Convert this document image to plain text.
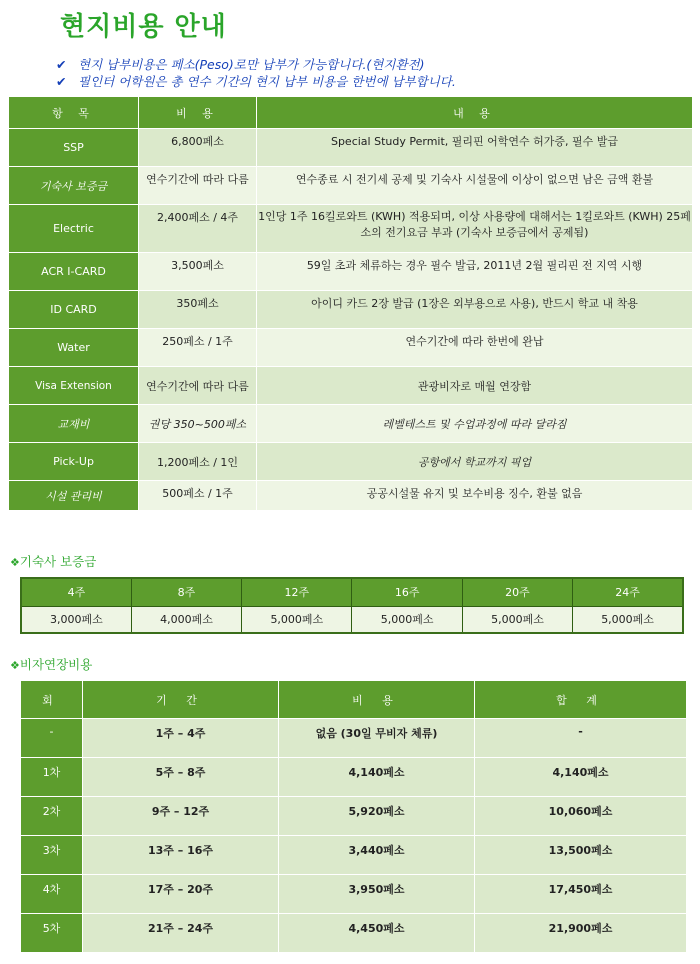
현지비용 안내
✔ 현지 납부비용은 페소(Peso)로만 납부가 가능합니다.(현지환전)
✔ 필인터 어학원은 총 연수 기간의 현지 납부 비용을 한번에 납부합니다.
항 목	비 용	내 용
SSP	6,800페소	Special Study Permit, 필리핀 어학연수 허가증, 필수 발급
기숙사 보증금	연수기간에 따라 다름	연수종료 시 전기세 공제 및 기숙사 시설물에 이상이 없으면 남은 금액 환불
Electric	2,400페소 / 4주	1인당 1주 16킬로와트 (KWH) 적용되며, 이상 사용량에 대해서는 1킬로와트 (KWH) 25페소의 전기요금 부과 (기숙사 보증금에서 공제됨)
ACR I-CARD	3,500페소	59일 초과 체류하는 경우 필수 발급, 2011년 2월 필리핀 전 지역 시행
ID CARD	350페소	아이디 카드 2장 발급 (1장은 외부용으로 사용), 반드시 학교 내 착용
Water	250페소 / 1주	연수기간에 따라 한번에 완납
Visa Extension	연수기간에 따라 다름	관광비자로 매월 연장함
교재비	권당 350~500페소	레벨테스트 및 수업과정에 따라 달라짐
Pick-Up	1,200페소 / 1인	공항에서 학교까지 픽업
시설 관리비	500페소 / 1주	공공시설물 유지 및 보수비용 징수, 환불 없음
❖기숙사 보증금
4주	8주	12주	16주	20주	24주
3,000페소	4,000페소	5,000페소	5,000페소	5,000페소	5,000페소
❖비자연장비용
회	기 간	비 용	합 계
-	1주 – 4주	없음 (30일 무비자 체류)	-
1차	5주 – 8주	4,140페소	4,140페소
2차	9주 – 12주	5,920페소	10,060페소
3차	13주 – 16주	3,440페소	13,500페소
4차	17주 – 20주	3,950페소	17,450페소
5차	21주 – 24주	4,450페소	21,900페소
